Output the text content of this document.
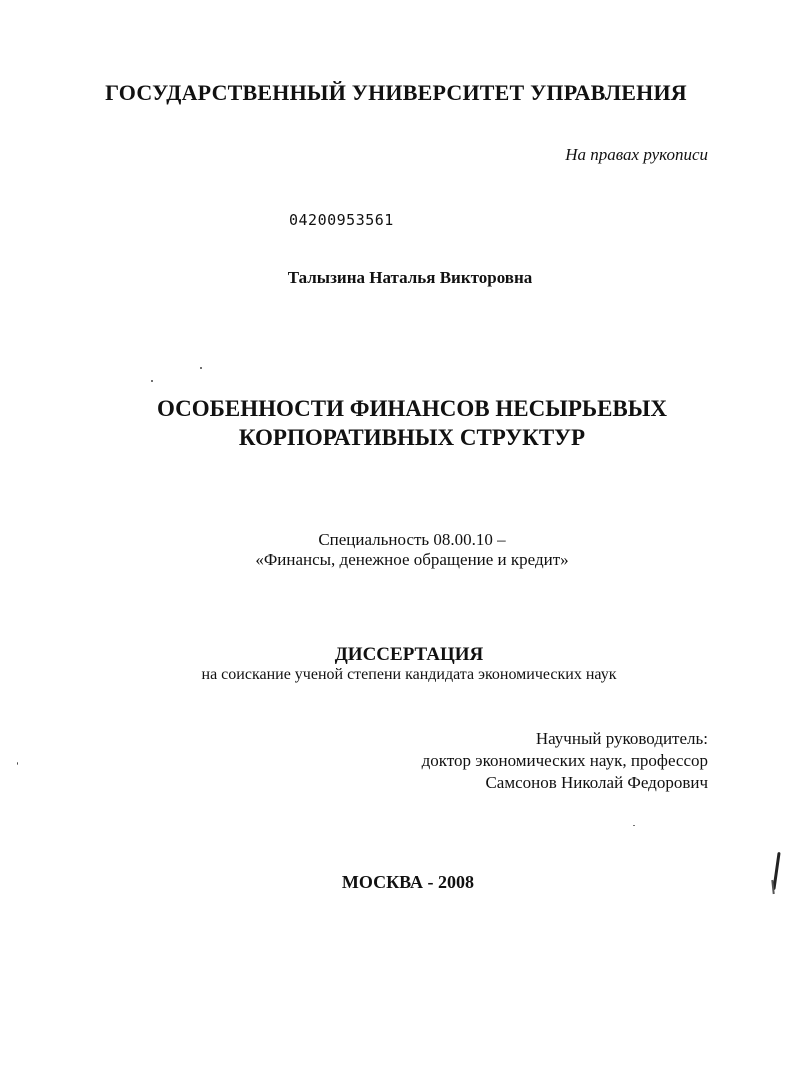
ГОСУДАРСТВЕННЫЙ УНИВЕРСИТЕТ УПРАВЛЕНИЯ
На правах рукописи
04200953561
Талызина Наталья Викторовна
ОСОБЕННОСТИ ФИНАНСОВ НЕСЫРЬЕВЫХ
КОРПОРАТИВНЫХ СТРУКТУР
Специальность 08.00.10 –
«Финансы, денежное обращение и кредит»
ДИССЕРТАЦИЯ
на соискание ученой степени кандидата экономических наук
Научный руководитель:
доктор экономических наук, профессор
Самсонов Николай Федорович
МОСКВА - 2008
